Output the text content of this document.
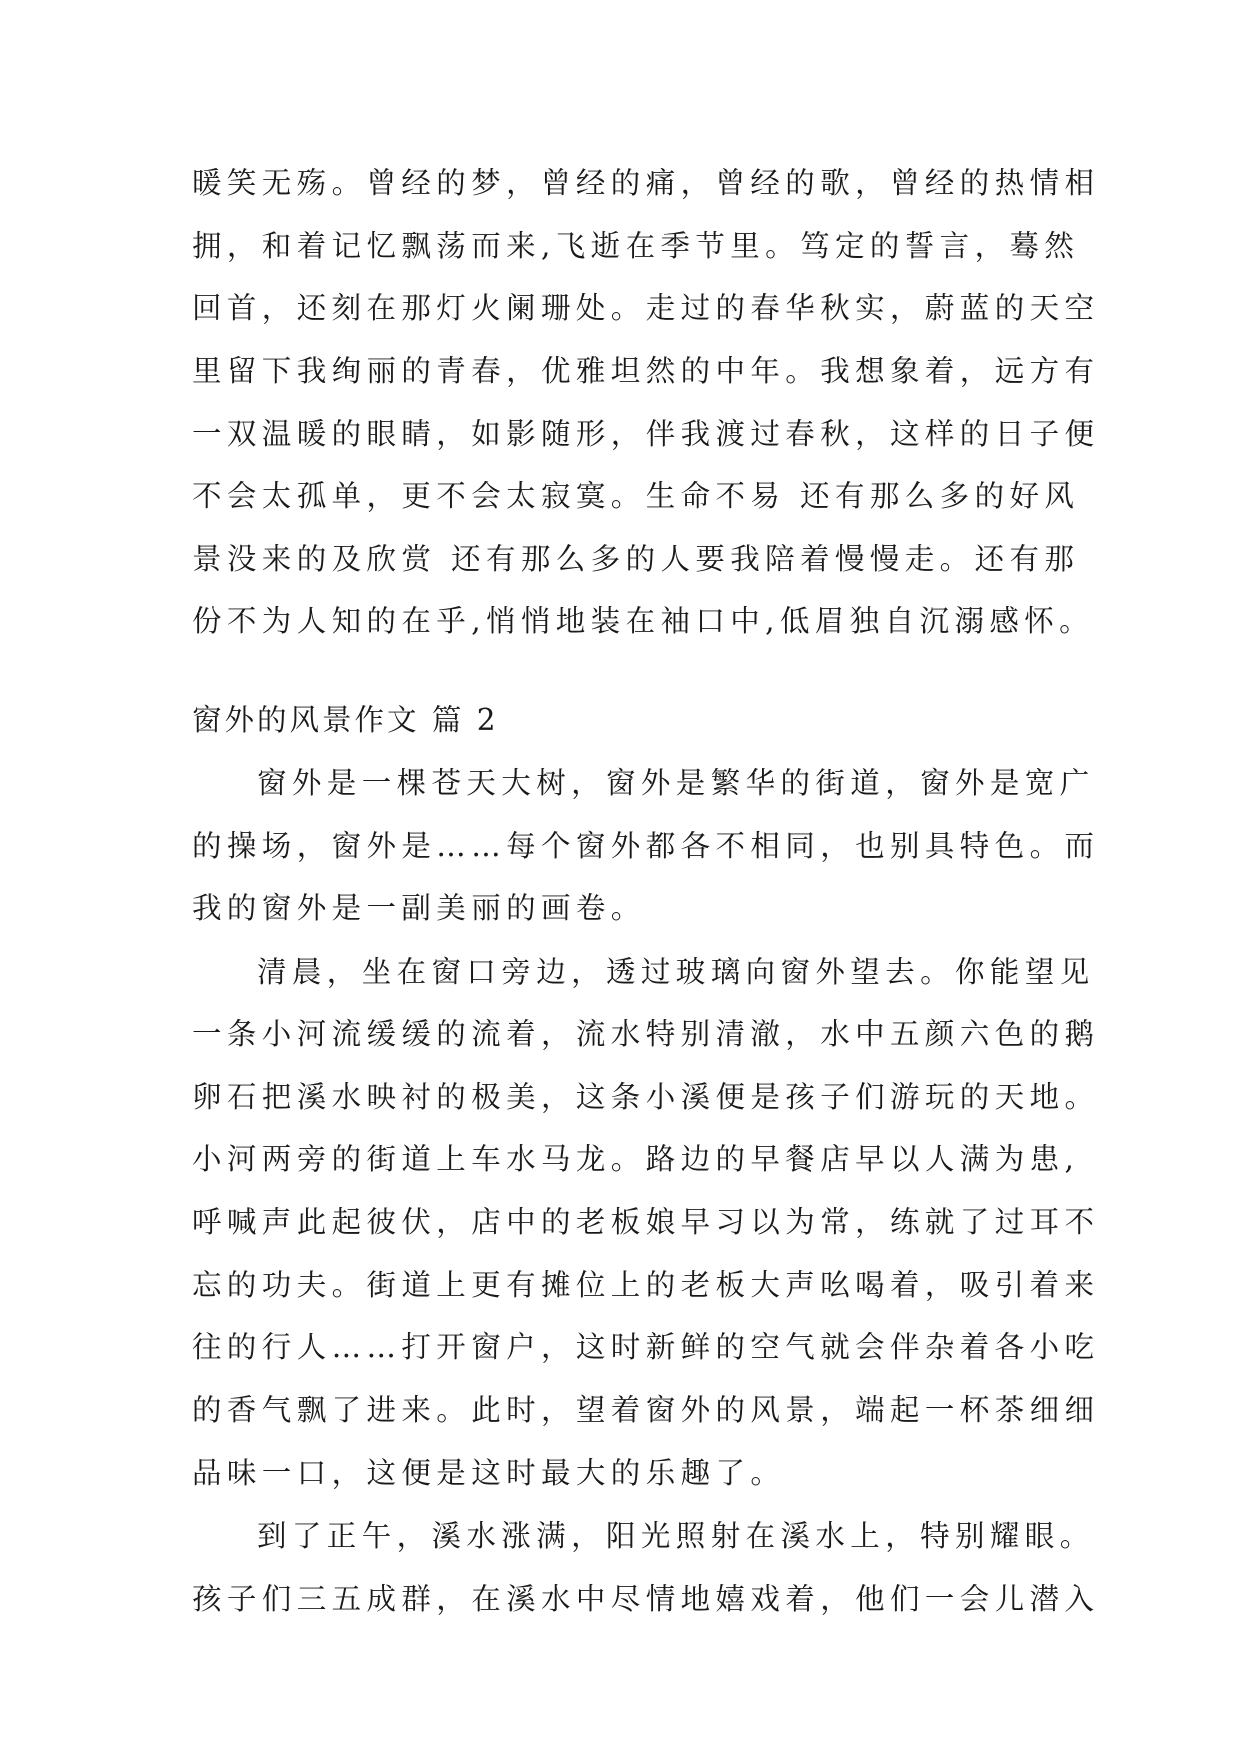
暖笑无殇。曾经的梦，曾经的痛，曾经的歌，曾经的热情相
拥，和着记忆飘荡而来,飞逝在季节里。笃定的誓言，蓦然
回首，还刻在那灯火阑珊处。走过的春华秋实，蔚蓝的天空
里留下我绚丽的青春，优雅坦然的中年。我想象着，远方有
一双温暖的眼睛，如影随形，伴我渡过春秋，这样的日子便
不会太孤单，更不会太寂寞。生命不易 还有那么多的好风
景没来的及欣赏 还有那么多的人要我陪着慢慢走。还有那
份不为人知的在乎,悄悄地装在袖口中,低眉独自沉溺感怀。
窗外的风景作文 篇 2
窗外是一棵苍天大树，窗外是繁华的街道，窗外是宽广
的操场，窗外是……每个窗外都各不相同，也别具特色。而
我的窗外是一副美丽的画卷。
清晨，坐在窗口旁边，透过玻璃向窗外望去。你能望见
一条小河流缓缓的流着，流水特别清澈，水中五颜六色的鹅
卵石把溪水映衬的极美，这条小溪便是孩子们游玩的天地。
小河两旁的街道上车水马龙。路边的早餐店早以人满为患,
呼喊声此起彼伏，店中的老板娘早习以为常，练就了过耳不
忘的功夫。街道上更有摊位上的老板大声吆喝着，吸引着来
往的行人……打开窗户，这时新鲜的空气就会伴杂着各小吃
的香气飘了进来。此时，望着窗外的风景，端起一杯茶细细
品味一口，这便是这时最大的乐趣了。
到了正午，溪水涨满，阳光照射在溪水上，特别耀眼。
孩子们三五成群，在溪水中尽情地嬉戏着，他们一会儿潜入
